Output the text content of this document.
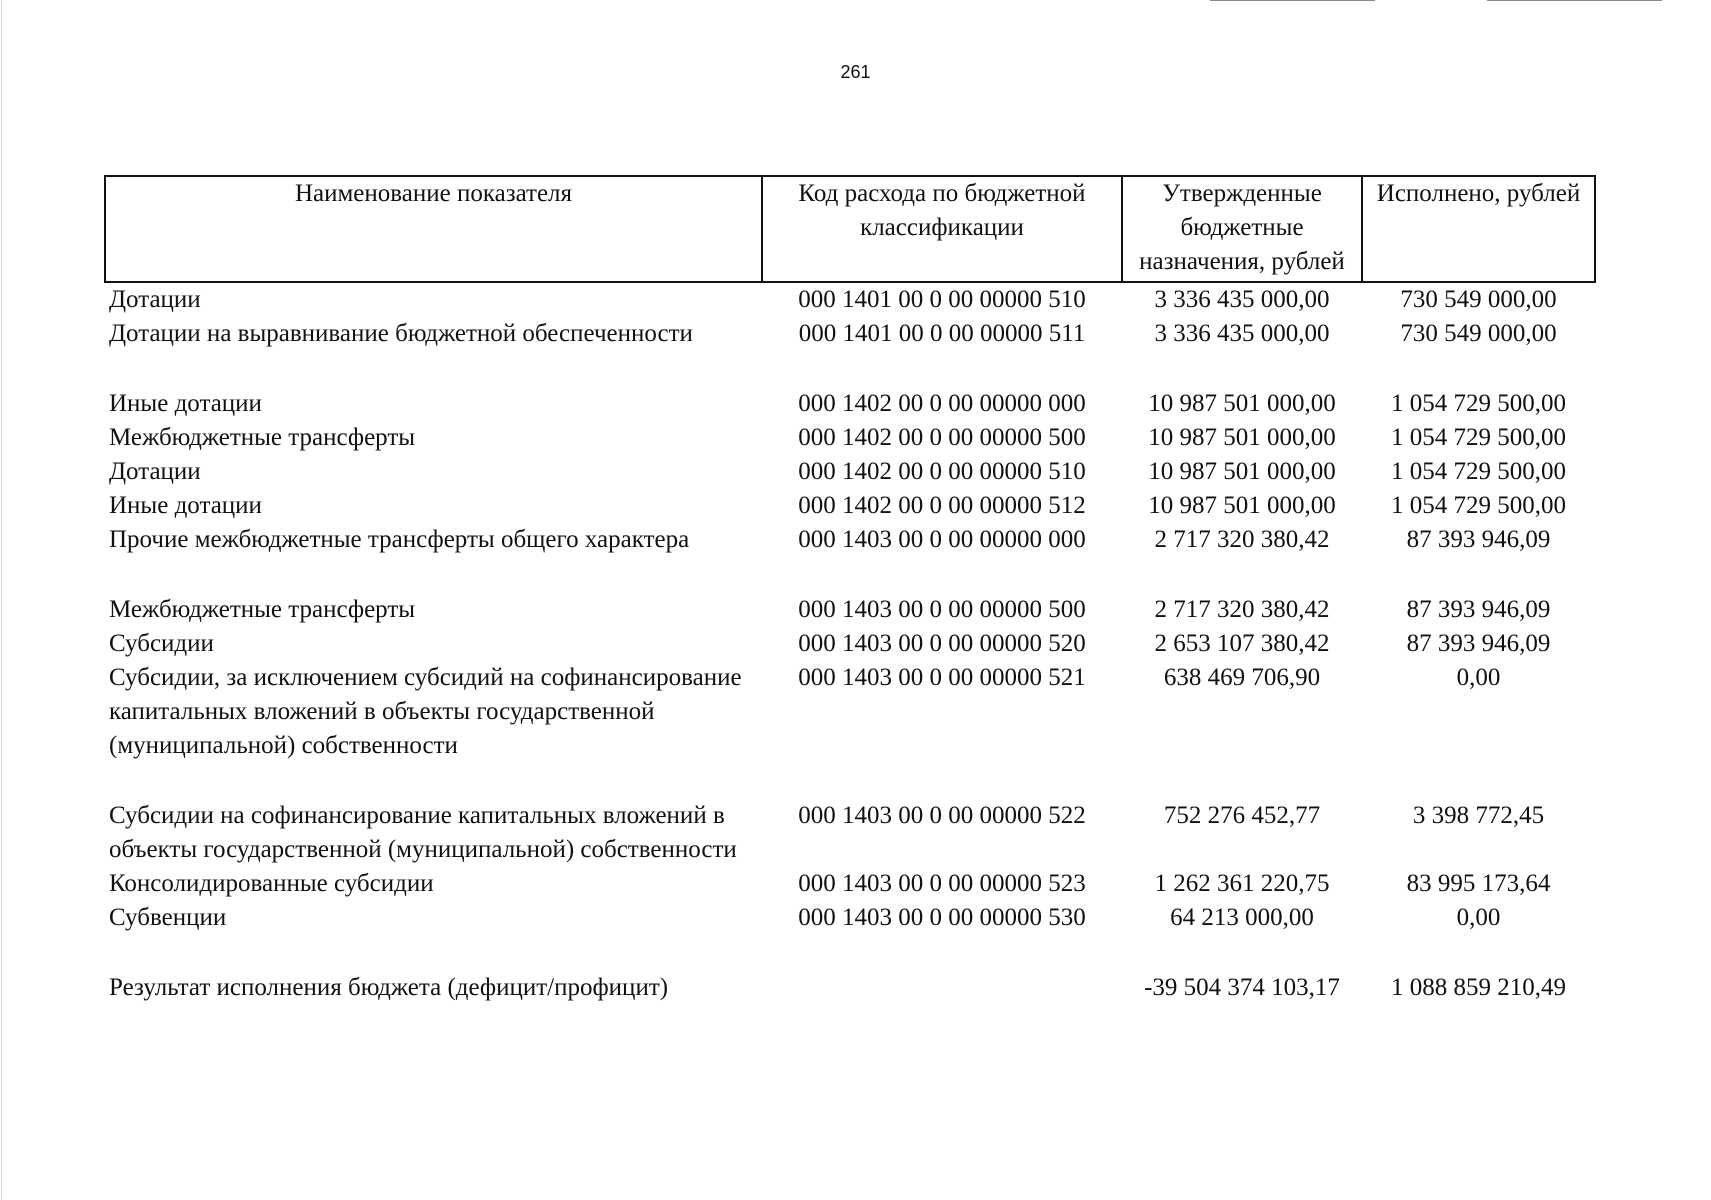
261
Наименование показателя	Код расхода по бюджетной классификации	Утвержденные бюджетные назначения, рублей	Исполнено, рублей
Дотации	000 1401 00 0 00 00000 510	3 336 435 000,00	730 549 000,00
Дотации на выравнивание бюджетной обеспеченности	000 1401 00 0 00 00000 511	3 336 435 000,00	730 549 000,00
Иные дотации	000 1402 00 0 00 00000 000	10 987 501 000,00	1 054 729 500,00
Межбюджетные трансферты	000 1402 00 0 00 00000 500	10 987 501 000,00	1 054 729 500,00
Дотации	000 1402 00 0 00 00000 510	10 987 501 000,00	1 054 729 500,00
Иные дотации	000 1402 00 0 00 00000 512	10 987 501 000,00	1 054 729 500,00
Прочие межбюджетные трансферты общего характера	000 1403 00 0 00 00000 000	2 717 320 380,42	87 393 946,09
Межбюджетные трансферты	000 1403 00 0 00 00000 500	2 717 320 380,42	87 393 946,09
Субсидии	000 1403 00 0 00 00000 520	2 653 107 380,42	87 393 946,09
Субсидии, за исключением субсидий на софинансирование капитальных вложений в объекты государственной (муниципальной) собственности	000 1403 00 0 00 00000 521	638 469 706,90	0,00
Субсидии на софинансирование капитальных вложений в объекты государственной (муниципальной) собственности	000 1403 00 0 00 00000 522	752 276 452,77	3 398 772,45
Консолидированные субсидии	000 1403 00 0 00 00000 523	1 262 361 220,75	83 995 173,64
Субвенции	000 1403 00 0 00 00000 530	64 213 000,00	0,00
Результат исполнения бюджета (дефицит/профицит)		-39 504 374 103,17	1 088 859 210,49
